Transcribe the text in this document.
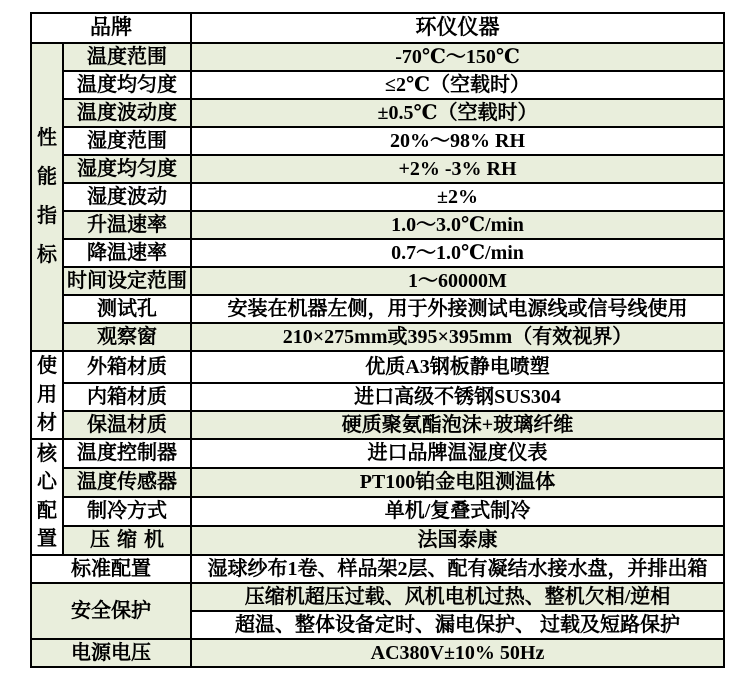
品牌		环仪仪器
性能指标	温度范围	-70℃～150℃
	温度均匀度	≤2℃（空载时）
	温度波动度	±0.5℃（空载时）
	湿度范围	20%～98% RH
	湿度均匀度	+2% -3% RH
	湿度波动	±2%
	升温速率	1.0～3.0℃/min
	降温速率	0.7～1.0℃/min
	时间设定范围	1～60000M
	测试孔	安装在机器左侧，用于外接测试电源线或信号线使用
	观察窗	210×275mm或395×395mm（有效视界）
使用材	外箱材质	优质A3钢板静电喷塑
	内箱材质	进口高级不锈钢SUS304
	保温材质	硬质聚氨酯泡沫+玻璃纤维
核心配置	温度控制器	进口品牌温湿度仪表
	温度传感器	PT100铂金电阻测温体
	制冷方式	单机/复叠式制冷
	压缩机	法国泰康
标准配置		湿球纱布1卷、样品架2层、配有凝结水接水盘，并排出箱
安全保护		压缩机超压过载、风机电机过热、整机欠相/逆相
		超温、整体设备定时、漏电保护、 过载及短路保护
电源电压		AC380V±10% 50Hz
